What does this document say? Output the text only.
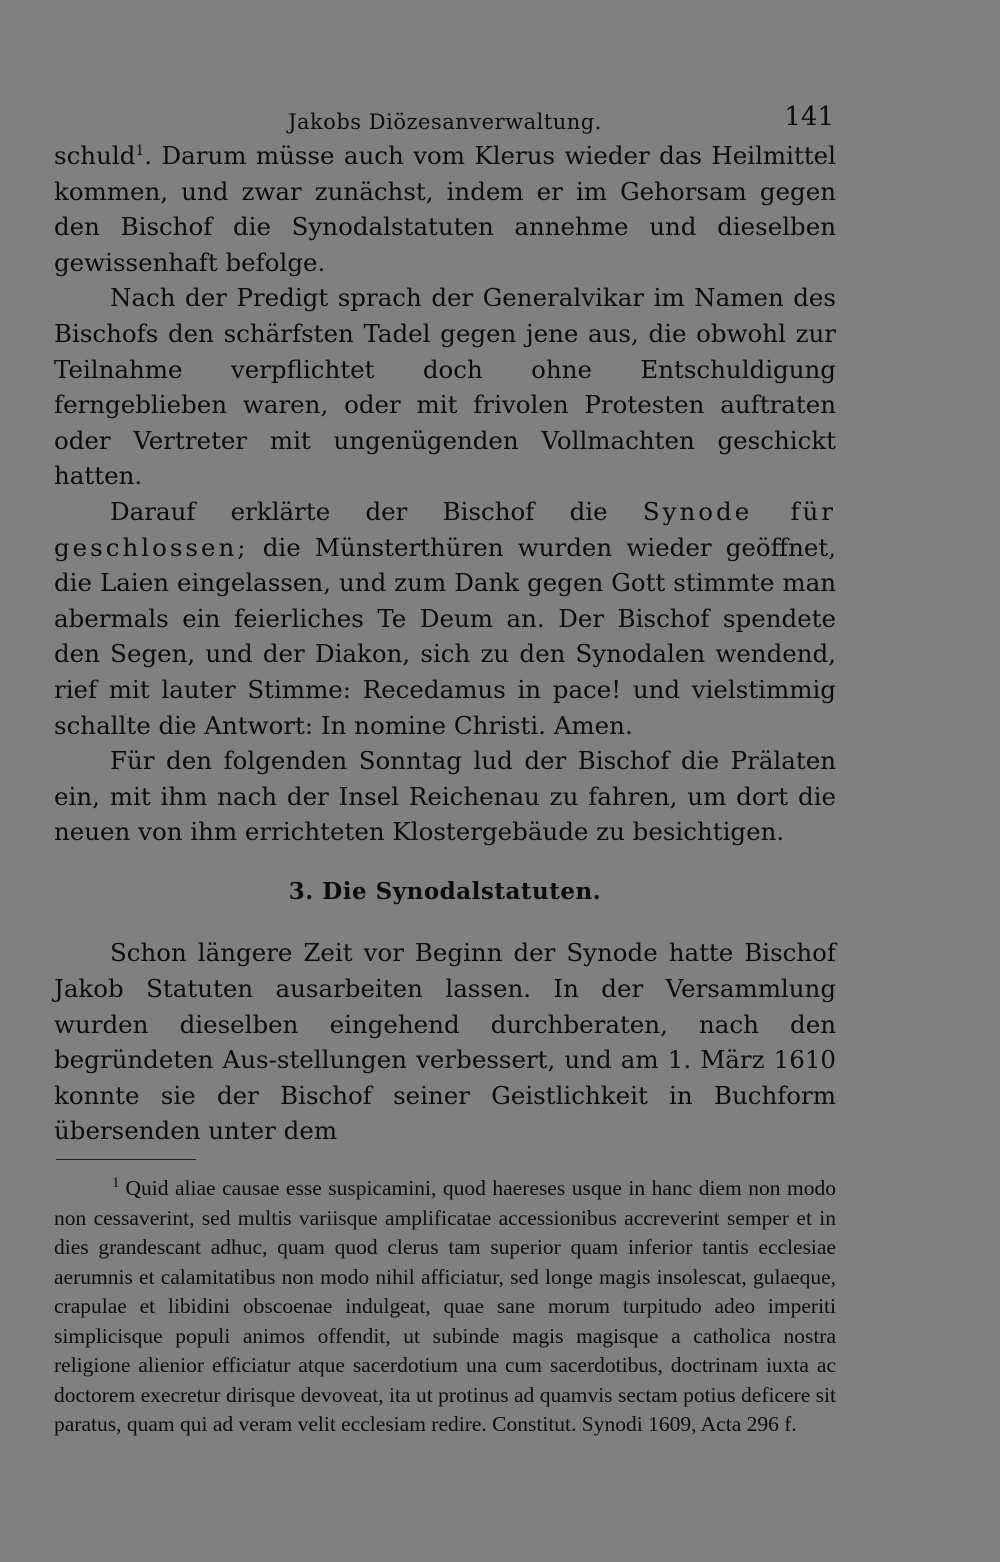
Jakobs Diözesanverwaltung.	141

schuld$^1$. Darum müsse auch vom Klerus wieder das Heilmittel kommen, und zwar zunächst, indem er im Gehorsam gegen den Bischof die Synodalstatuten annehme und dieselben gewissenhaft befolge.

Nach der Predigt sprach der Generalvikar im Namen des Bischofs den schärfsten Tadel gegen jene aus, die obwohl zur Teilnahme verpflichtet doch ohne Entschuldigung ferngeblieben waren, oder mit frivolen Protesten auftraten oder Vertreter mit ungenügenden Vollmachten geschickt hatten.

Darauf erklärte der Bischof die Synode für geschlossen; die Münsterthüren wurden wieder geöffnet, die Laien eingelassen, und zum Dank gegen Gott stimmte man abermals ein feierliches Te Deum an. Der Bischof spendete den Segen, und der Diakon, sich zu den Synodalen wendend, rief mit lauter Stimme: Recedamus in pace! und vielstimmig schallte die Antwort: In nomine Christi. Amen.

Für den folgenden Sonntag lud der Bischof die Prälaten ein, mit ihm nach der Insel Reichenau zu fahren, um dort die neuen von ihm errichteten Klostergebäude zu besichtigen.

3. Die Synodalstatuten.

Schon längere Zeit vor Beginn der Synode hatte Bischof Jakob Statuten ausarbeiten lassen. In der Versammlung wurden dieselben eingehend durchberaten, nach den begründeten Aus-stellungen verbessert, und am 1. März 1610 konnte sie der Bischof seiner Geistlichkeit in Buchform übersenden unter dem

$^1$ Quid aliae causae esse suspicamini, quod haereses usque in hanc diem non modo non cessaverint, sed multis variisque amplificatae accessionibus accreverint semper et in dies grandescant adhuc, quam quod clerus tam superior quam inferior tantis ecclesiae aerumnis et calamitatibus non modo nihil afficiatur, sed longe magis insolescat, gulaeque, crapulae et libidini obscoenae indulgeat, quae sane morum turpitudo adeo imperiti simplicisque populi animos offendit, ut subinde magis magisque a catholica nostra religione alienior efficiatur atque sacerdotium una cum sacerdotibus, doctrinam iuxta ac doctorem execretur dirisque devoveat, ita ut protinus ad quamvis sectam potius deficere sit paratus, quam qui ad veram velit ecclesiam redire. Constitut. Synodi 1609, Acta 296 f.
